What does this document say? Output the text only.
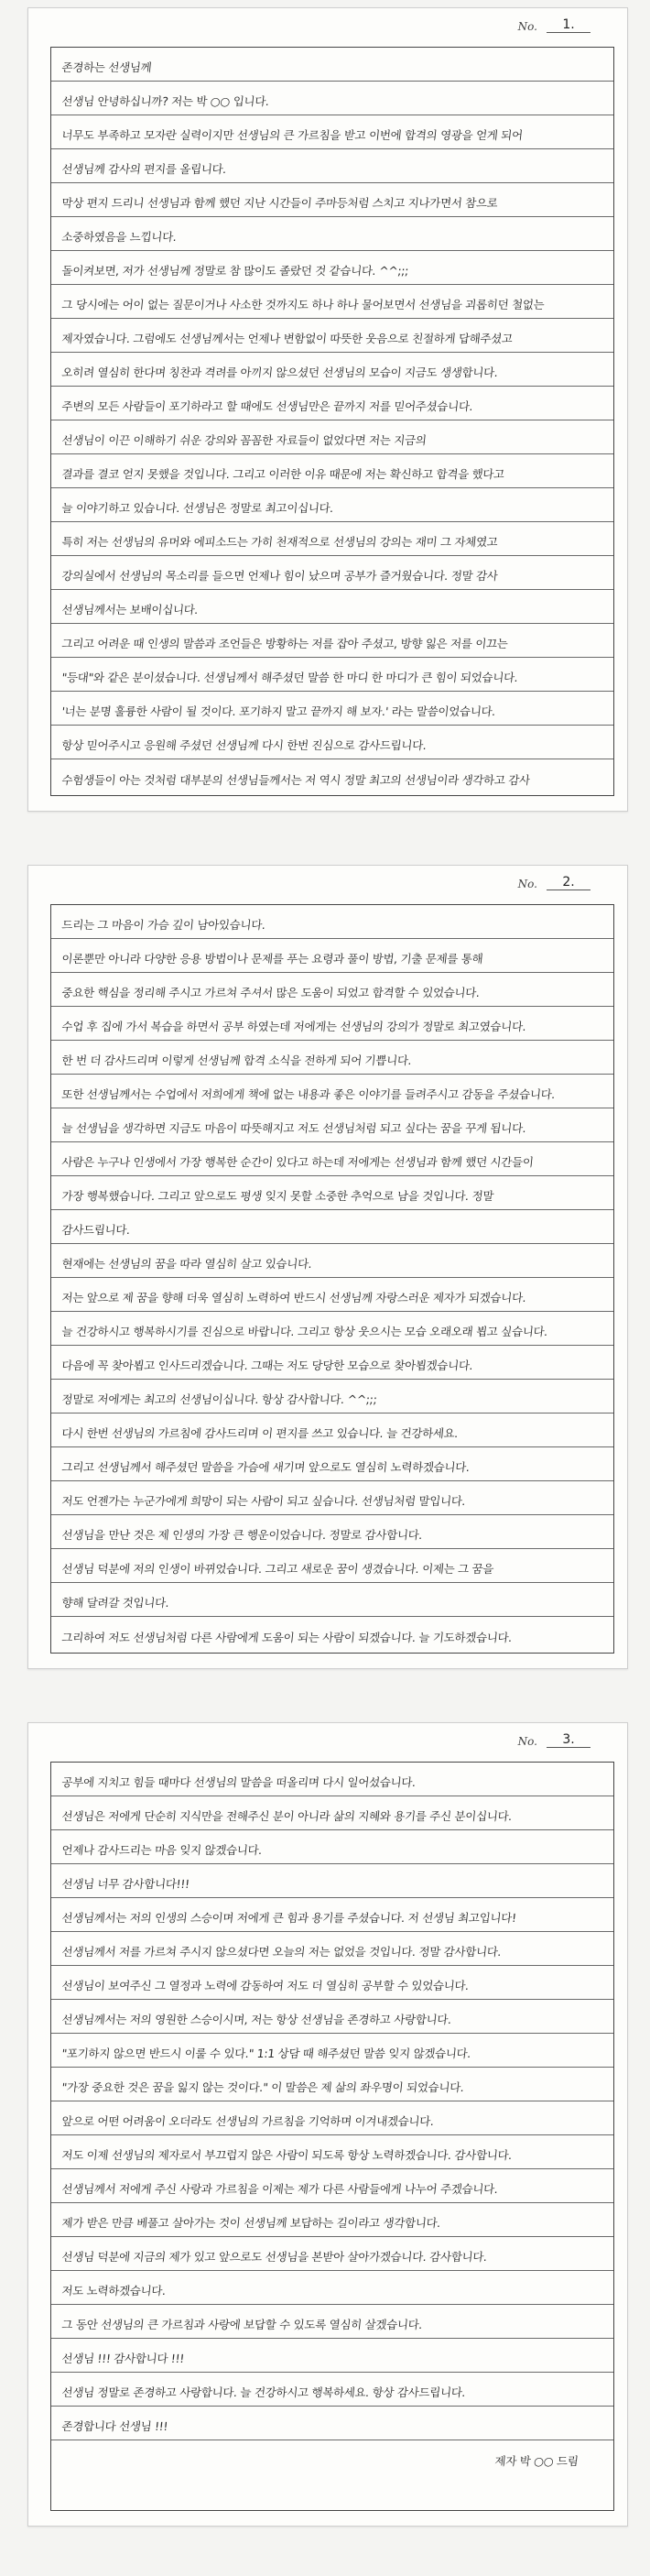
No.	1.
존경하는 선생님께
선생님 안녕하십니까? 저는 박 ○○ 입니다.
너무도 부족하고 모자란 실력이지만 선생님의 큰 가르침을 받고 이번에 합격의 영광을 얻게 되어
선생님께 감사의 편지를 올립니다.
막상 편지 드리니 선생님과 함께 했던 지난 시간들이 주마등처럼 스치고 지나가면서 참으로
소중하였음을 느낍니다.
돌이켜보면, 저가 선생님께 정말로 참 많이도 졸랐던 것 같습니다. ^^;;;
그 당시에는 어이 없는 질문이거나 사소한 것까지도 하나 하나 물어보면서 선생님을 괴롭히던 철없는
제자였습니다. 그럼에도 선생님께서는 언제나 변함없이 따뜻한 웃음으로 친절하게 답해주셨고
오히려 열심히 한다며 칭찬과 격려를 아끼지 않으셨던 선생님의 모습이 지금도 생생합니다.
주변의 모든 사람들이 포기하라고 할 때에도 선생님만은 끝까지 저를 믿어주셨습니다.
선생님이 이끈 이해하기 쉬운 강의와 꼼꼼한 자료들이 없었다면 저는 지금의
결과를 결코 얻지 못했을 것입니다. 그리고 이러한 이유 때문에 저는 확신하고 합격을 했다고
늘 이야기하고 있습니다. 선생님은 정말로 최고이십니다.
특히 저는 선생님의 유머와 에피소드는 가히 천재적으로 선생님의 강의는 재미 그 자체였고
강의실에서 선생님의 목소리를 들으면 언제나 힘이 났으며 공부가 즐거웠습니다. 정말 감사
선생님께서는 보배이십니다.
그리고 어려운 때 인생의 말씀과 조언들은 방황하는 저를 잡아 주셨고, 방향 잃은 저를 이끄는
"등대"와 같은 분이셨습니다. 선생님께서 해주셨던 말씀 한 마디 한 마디가 큰 힘이 되었습니다.
'너는 분명 훌륭한 사람이 될 것이다. 포기하지 말고 끝까지 해 보자.' 라는 말씀이었습니다.
항상 믿어주시고 응원해 주셨던 선생님께 다시 한번 진심으로 감사드립니다.
수험생들이 아는 것처럼 대부분의 선생님들께서는 저 역시 정말 최고의 선생님이라 생각하고 감사
No.	2.
드리는 그 마음이 가슴 깊이 남아있습니다.
이론뿐만 아니라 다양한 응용 방법이나 문제를 푸는 요령과 풀이 방법, 기출 문제를 통해
중요한 핵심을 정리해 주시고 가르쳐 주셔서 많은 도움이 되었고 합격할 수 있었습니다.
수업 후 집에 가서 복습을 하면서 공부 하였는데 저에게는 선생님의 강의가 정말로 최고였습니다.
한 번 더 감사드리며 이렇게 선생님께 합격 소식을 전하게 되어 기쁩니다.
또한 선생님께서는 수업에서 저희에게 책에 없는 내용과 좋은 이야기를 들려주시고 감동을 주셨습니다.
늘 선생님을 생각하면 지금도 마음이 따뜻해지고 저도 선생님처럼 되고 싶다는 꿈을 꾸게 됩니다.
사람은 누구나 인생에서 가장 행복한 순간이 있다고 하는데 저에게는 선생님과 함께 했던 시간들이
가장 행복했습니다. 그리고 앞으로도 평생 잊지 못할 소중한 추억으로 남을 것입니다. 정말
감사드립니다.
현재에는 선생님의 꿈을 따라 열심히 살고 있습니다.
저는 앞으로 제 꿈을 향해 더욱 열심히 노력하여 반드시 선생님께 자랑스러운 제자가 되겠습니다.
늘 건강하시고 행복하시기를 진심으로 바랍니다. 그리고 항상 웃으시는 모습 오래오래 뵙고 싶습니다.
다음에 꼭 찾아뵙고 인사드리겠습니다. 그때는 저도 당당한 모습으로 찾아뵙겠습니다.
정말로 저에게는 최고의 선생님이십니다. 항상 감사합니다. ^^;;;
다시 한번 선생님의 가르침에 감사드리며 이 편지를 쓰고 있습니다. 늘 건강하세요.
그리고 선생님께서 해주셨던 말씀을 가슴에 새기며 앞으로도 열심히 노력하겠습니다.
저도 언젠가는 누군가에게 희망이 되는 사람이 되고 싶습니다. 선생님처럼 말입니다.
선생님을 만난 것은 제 인생의 가장 큰 행운이었습니다. 정말로 감사합니다.
선생님 덕분에 저의 인생이 바뀌었습니다. 그리고 새로운 꿈이 생겼습니다. 이제는 그 꿈을
향해 달려갈 것입니다.
그리하여 저도 선생님처럼 다른 사람에게 도움이 되는 사람이 되겠습니다. 늘 기도하겠습니다.
No.	3.
공부에 지치고 힘들 때마다 선생님의 말씀을 떠올리며 다시 일어섰습니다.
선생님은 저에게 단순히 지식만을 전해주신 분이 아니라 삶의 지혜와 용기를 주신 분이십니다.
언제나 감사드리는 마음 잊지 않겠습니다.
선생님 너무 감사합니다!!!
선생님께서는 저의 인생의 스승이며 저에게 큰 힘과 용기를 주셨습니다. 저 선생님 최고입니다!
선생님께서 저를 가르쳐 주시지 않으셨다면 오늘의 저는 없었을 것입니다. 정말 감사합니다.
선생님이 보여주신 그 열정과 노력에 감동하여 저도 더 열심히 공부할 수 있었습니다.
선생님께서는 저의 영원한 스승이시며, 저는 항상 선생님을 존경하고 사랑합니다.
"포기하지 않으면 반드시 이룰 수 있다." 1:1 상담 때 해주셨던 말씀 잊지 않겠습니다.
"가장 중요한 것은 꿈을 잃지 않는 것이다." 이 말씀은 제 삶의 좌우명이 되었습니다.
앞으로 어떤 어려움이 오더라도 선생님의 가르침을 기억하며 이겨내겠습니다.
저도 이제 선생님의 제자로서 부끄럽지 않은 사람이 되도록 항상 노력하겠습니다. 감사합니다.
선생님께서 저에게 주신 사랑과 가르침을 이제는 제가 다른 사람들에게 나누어 주겠습니다.
제가 받은 만큼 베풀고 살아가는 것이 선생님께 보답하는 길이라고 생각합니다.
선생님 덕분에 지금의 제가 있고 앞으로도 선생님을 본받아 살아가겠습니다. 감사합니다.
저도 노력하겠습니다.
그 동안 선생님의 큰 가르침과 사랑에 보답할 수 있도록 열심히 살겠습니다.
선생님 !!! 감사합니다 !!!
선생님 정말로 존경하고 사랑합니다. 늘 건강하시고 행복하세요. 항상 감사드립니다.
존경합니다 선생님 !!!
제자 박 ○○ 드림
